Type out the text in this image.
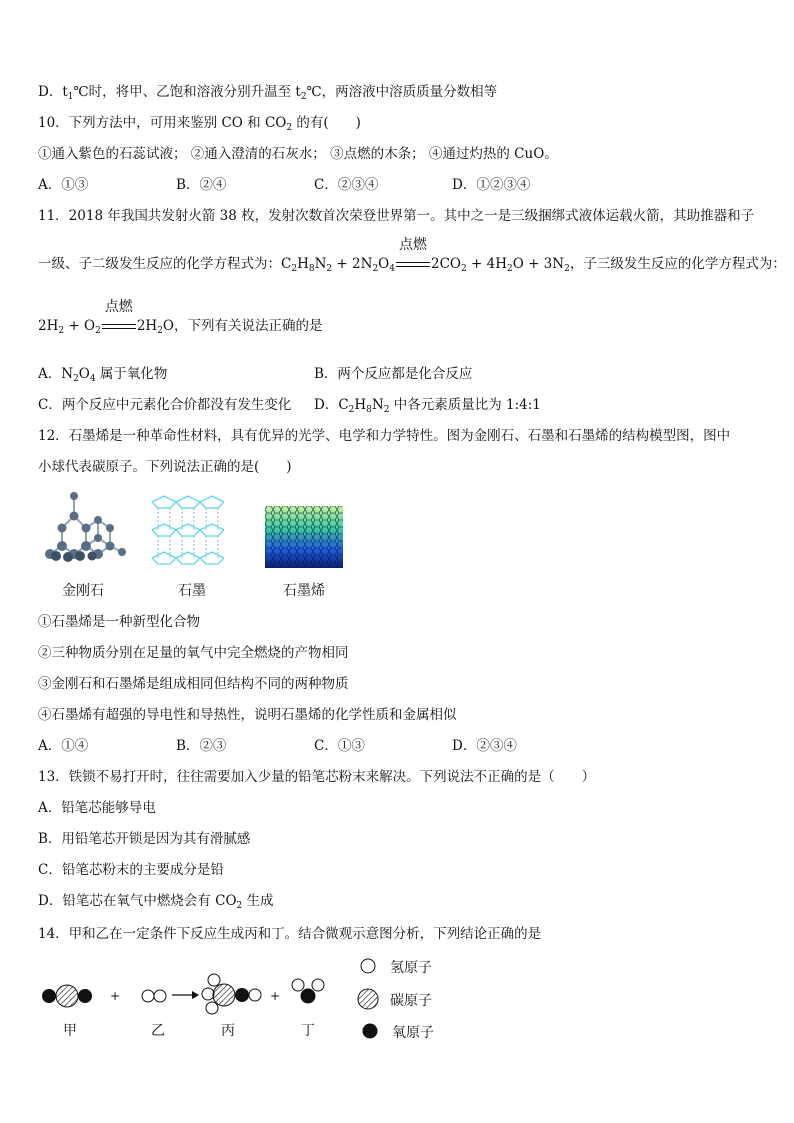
D．$t_1℃$时，将甲、乙饱和溶液分别升温至 $t_2℃$，两溶液中溶质质量分数相等
10．下列方法中，可用来鉴别 CO 和 $CO_2$ 的有(　　)
①通入紫色的石蕊试液； ②通入澄清的石灰水； ③点燃的木条； ④通过灼热的 CuO。
A．①③	B．②④	C．②③④	D．①②③④
11．2018 年我国共发射火箭 38 枚，发射次数首次荣登世界第一。其中之一是三级捆绑式液体运载火箭，其助推器和子
一级、子二级发生反应的化学方程式为：$C_2H_8N_2 + 2N_2O_4$
点燃
$2CO_2 + 4H_2O + 3N_2$，子三级发生反应的化学方程式为：
$2H_2 + O_2$
点燃
$2H_2O$，下列有关说法正确的是
A．$N_2O_4$ 属于氧化物	B．两个反应都是化合反应
C．两个反应中元素化合价都没有发生变化 D．$C_2H_8N_2$ 中各元素质量比为 1:4:1
12．石墨烯是一种革命性材料，具有优异的光学、电学和力学特性。图为金刚石、石墨和石墨烯的结构模型图，图中
小球代表碳原子。下列说法正确的是(　　)
金刚石	石墨	石墨烯
①石墨烯是一种新型化合物
②三种物质分别在足量的氧气中完全燃烧的产物相同
③金刚石和石墨烯是组成相同但结构不同的两种物质
④石墨烯有超强的导电性和导热性，说明石墨烯的化学性质和金属相似
A．①④	B．②③	C．①③	D．②③④
13．铁锁不易打开时，往往需要加入少量的铅笔芯粉末来解决。下列说法不正确的是（　　）
A．铅笔芯能够导电
B．用铅笔芯开锁是因为其有滑腻感
C．铅笔芯粉末的主要成分是铅
D．铅笔芯在氧气中燃烧会有 $CO_2$ 生成
14．甲和乙在一定条件下反应生成丙和丁。结合微观示意图分析，下列结论正确的是
+	+
甲	乙	丙	丁
氢原子
碳原子
氧原子
